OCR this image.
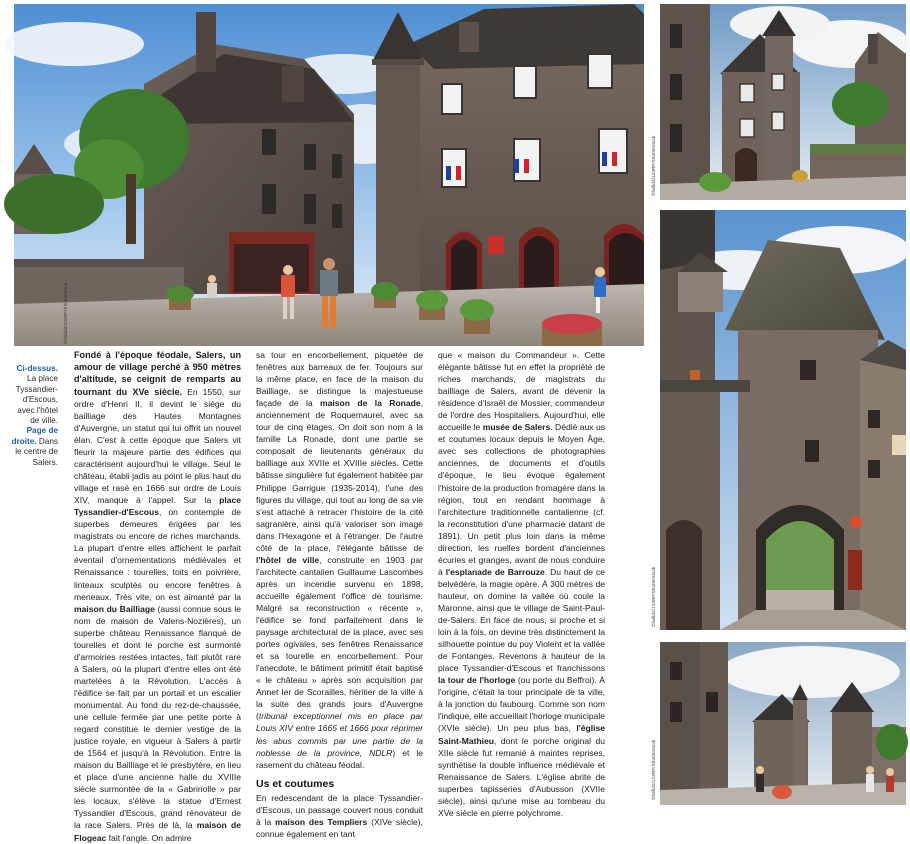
©Hafid2/123RF/Shutterstock
©hafid2/123RF/Shutterstock
©hafid2/123RF/Shutterstock
©hafid2/123RF/Shutterstock
Ci-dessus. La place Tyssandier-d'Escous, avec l'hôtel de ville.
Page de droite. Dans le centre de Salers.

Fondé à l'époque féodale, Salers, un amour de village perché à 950 mètres d'altitude, se ceignit de remparts au tournant du XVe siècle. En 1550, sur ordre d'Henri II, il devint le siège du bailliage des Hautes Montagnes d'Auvergne, un statut qui lui offrit un nouvel élan. C'est à cette époque que Salers vit fleurir la majeure partie des édifices qui caractérisent aujourd'hui le village. Seul le château, établi jadis au point le plus haut du village et rasé en 1666 sur ordre de Louis XIV, manque à l'appel. Sur la place Tyssandier-d'Escous, on contemple de superbes demeures érigées par les magistrats ou encore de riches marchands. La plupart d'entre elles affichent le parfait éventail d'ornementations médiévales et Renaissance : tourelles, toits en poivrière, linteaux sculptés ou encore fenêtres à meneaux. Très vite, on est aimanté par la maison du Bailliage (aussi connue sous le nom de maison de Valens-Nozières), un superbe château Renaissance flanqué de tourelles et dont le porche est surmonté d'armoiries restées intactes, fait plutôt rare à Salers, où la plupart d'entre elles ont été martelées à la Révolution. L'accès à l'édifice se fait par un portail et un escalier monumental. Au fond du rez-de-chaussée, une cellule fermée par une petite porte à regard constitue le dernier vestige de la justice royale, en vigueur à Salers à partir de 1564 et jusqu'à la Révolution. Entre la maison du Bailliage et le presbytère, en lieu et place d'une ancienne halle du XVIIIe siècle surmontée de la « Gabrinolle » par les locaux, s'élève la statue d'Ernest Tyssandier d'Escous, grand rénovateur de la race Salers. Près de là, la maison de Flogeac fait l'angle. On admire

sa tour en encorbellement, piquetée de fenêtres aux barreaux de fer. Toujours sur la même place, en face de la maison du Bailliage, se distingue la majestueuse façade de la maison de la Ronade, anciennement de Roquemaurel, avec sa tour de cinq étages. On doit son nom à la famille La Ronade, dont une partie se composait de lieutenants généraux du bailliage aux XVIIe et XVIIIe siècles. Cette bâtisse singulière fut également habitée par Philippe Garrigue (1935-2014), l'une des figures du village, qui tout au long de sa vie s'est attaché à retracer l'histoire de la cité sagranière, ainsi qu'à valoriser son image dans l'Hexagone et à l'étranger. De l'autre côté de la place, l'élégante bâtisse de l'hôtel de ville, construite en 1903 par l'architecte cantalien Guillaume Lascombes après un incendie survenu en 1898, accueille également l'office de tourisme. Malgré sa reconstruction « récente », l'édifice se fond parfaitement dans le paysage architectural de la place, avec ses portes ogivales, ses fenêtres Renaissance et sa tourelle en encorbellement. Pour l'anecdote, le bâtiment primitif était baptisé « le château » après son acquisition par Annet Ier de Scorailles, héritier de la ville à la suite des grands jours d'Auvergne (tribunal exceptionnel mis en place par Louis XIV entre 1665 et 1666 pour réprimer les abus commis par une partie de la noblesse de la province, NDLR) et le rasement du château féodal.

Us et coutumes

En redescendant de la place Tyssandier-d'Escous, un passage couvert nous conduit à la maison des Templiers (XIVe siècle), connue également en tant

que « maison du Commandeur ». Cette élégante bâtisse fut en effet la propriété de riches marchands, de magistrats du bailliage de Salers, avant de devenir la résidence d'Israël de Mossier, commandeur de l'ordre des Hospitaliers. Aujourd'hui, elle accueille le musée de Salers. Dédié aux us et coutumes locaux depuis le Moyen Âge, avec ses collections de photographies anciennes, de documents et d'outils d'époque, le lieu évoque également l'histoire de la production fromagère dans la région, tout en rendant hommage à l'architecture traditionnelle cantalienne (cf. la reconstitution d'une pharmacie datant de 1891). Un petit plus loin dans la même direction, les ruelles bordent d'anciennes écuries et granges, avant de nous conduire à l'esplanade de Barrouze. Du haut de ce belvédère, la magie opère. À 300 mètres de hauteur, on domine la vallée où coule la Maronne, ainsi que le village de Saint-Paul-de-Salers. En face de nous, si proche et si loin à la fois, on devine très distinctement la silhouette pointue du puy Violent et la vallée de Fontanges. Revenons à hauteur de la place Tyssandier-d'Escous et franchissons la tour de l'horloge (ou porte du Beffroi). À l'origine, c'était la tour principale de la ville, à la jonction du faubourg. Comme son nom l'indique, elle accueillait l'horloge municipale (XVIe siècle). Un peu plus bas, l'église Saint-Mathieu, dont le porche original du XIIe siècle fut remanié à maintes reprises, synthétise la double influence médiévale et Renaissance de Salers. L'église abrite de superbes tapisseries d'Aubusson (XVIIe siècle), ainsi qu'une mise au tombeau du XVe siècle en pierre polychrome.
